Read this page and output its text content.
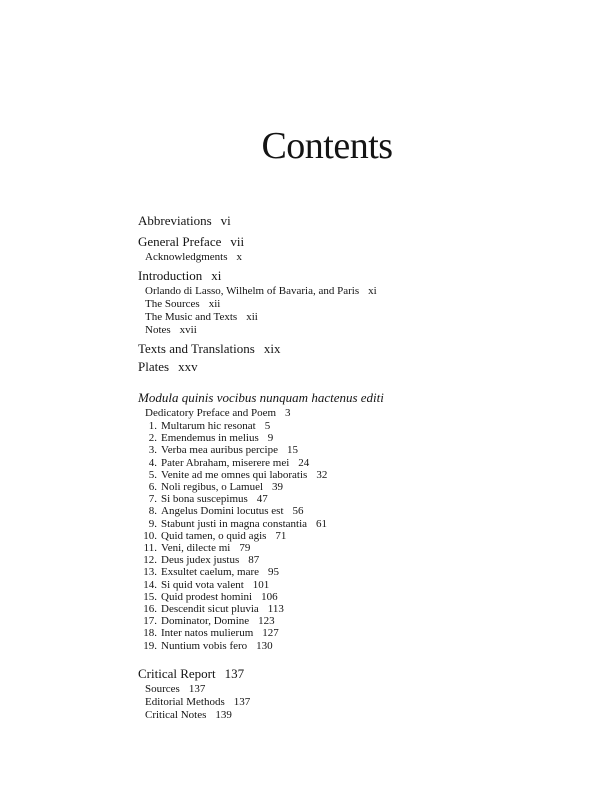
Contents
Abbreviations vi
General Preface vii
Acknowledgments x
Introduction xi
Orlando di Lasso, Wilhelm of Bavaria, and Paris xi
The Sources xii
The Music and Texts xii
Notes xvii
Texts and Translations xix
Plates xxv
Modula quinis vocibus nunquam hactenus editi
Dedicatory Preface and Poem 3
1. Multarum hic resonat 5
2. Emendemus in melius 9
3. Verba mea auribus percipe 15
4. Pater Abraham, miserere mei 24
5. Venite ad me omnes qui laboratis 32
6. Noli regibus, o Lamuel 39
7. Si bona suscepimus 47
8. Angelus Domini locutus est 56
9. Stabunt justi in magna constantia 61
10. Quid tamen, o quid agis 71
11. Veni, dilecte mi 79
12. Deus judex justus 87
13. Exsultet caelum, mare 95
14. Si quid vota valent 101
15. Quid prodest homini 106
16. Descendit sicut pluvia 113
17. Dominator, Domine 123
18. Inter natos mulierum 127
19. Nuntium vobis fero 130
Critical Report 137
Sources 137
Editorial Methods 137
Critical Notes 139
